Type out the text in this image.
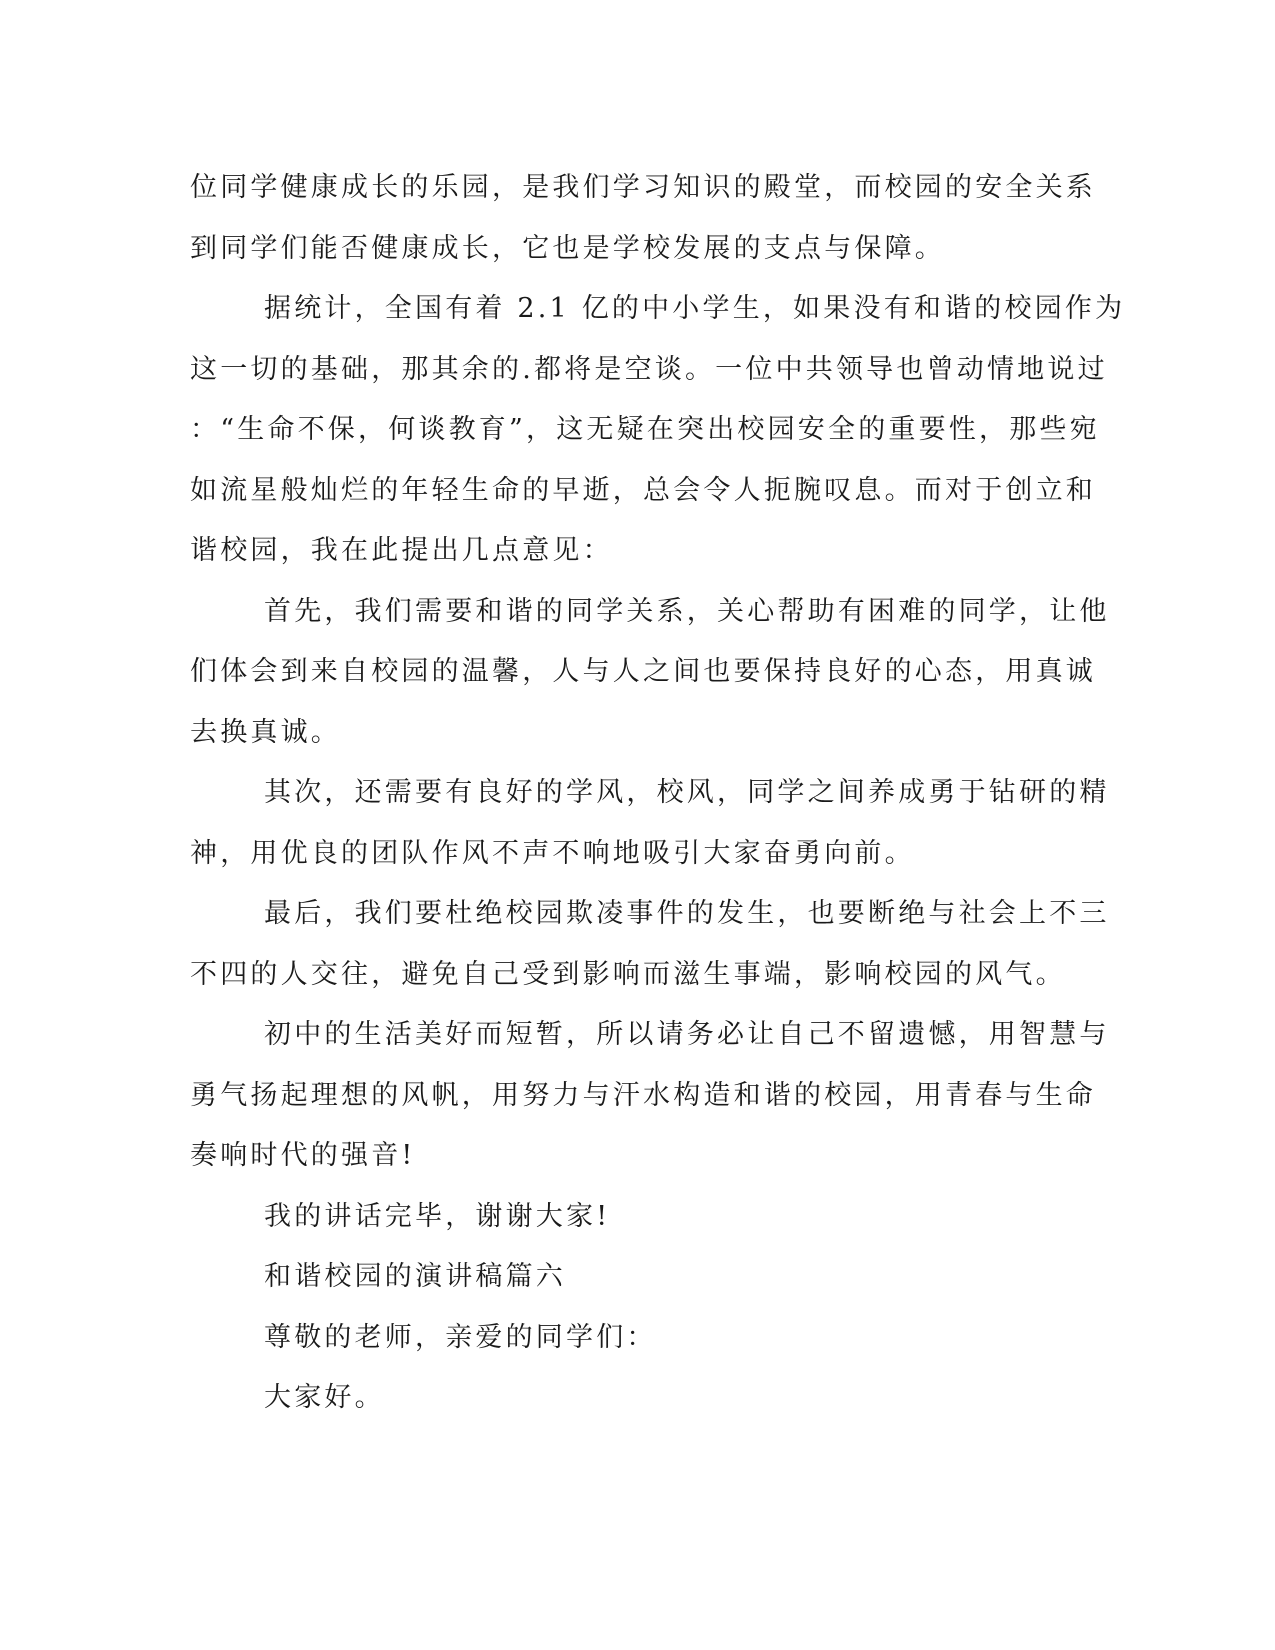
位同学健康成长的乐园，是我们学习知识的殿堂，而校园的安全关系
到同学们能否健康成长，它也是学校发展的支点与保障。
据统计，全国有着 2.1 亿的中小学生，如果没有和谐的校园作为
这一切的基础，那其余的.都将是空谈。一位中共领导也曾动情地说过
：“生命不保，何谈教育”，这无疑在突出校园安全的重要性，那些宛
如流星般灿烂的年轻生命的早逝，总会令人扼腕叹息。而对于创立和
谐校园，我在此提出几点意见：
首先，我们需要和谐的同学关系，关心帮助有困难的同学，让他
们体会到来自校园的温馨，人与人之间也要保持良好的心态，用真诚
去换真诚。
其次，还需要有良好的学风，校风，同学之间养成勇于钻研的精
神，用优良的团队作风不声不响地吸引大家奋勇向前。
最后，我们要杜绝校园欺凌事件的发生，也要断绝与社会上不三
不四的人交往，避免自己受到影响而滋生事端，影响校园的风气。
初中的生活美好而短暂，所以请务必让自己不留遗憾，用智慧与
勇气扬起理想的风帆，用努力与汗水构造和谐的校园，用青春与生命
奏响时代的强音!
我的讲话完毕，谢谢大家!
和谐校园的演讲稿篇六
尊敬的老师，亲爱的同学们：
大家好。
